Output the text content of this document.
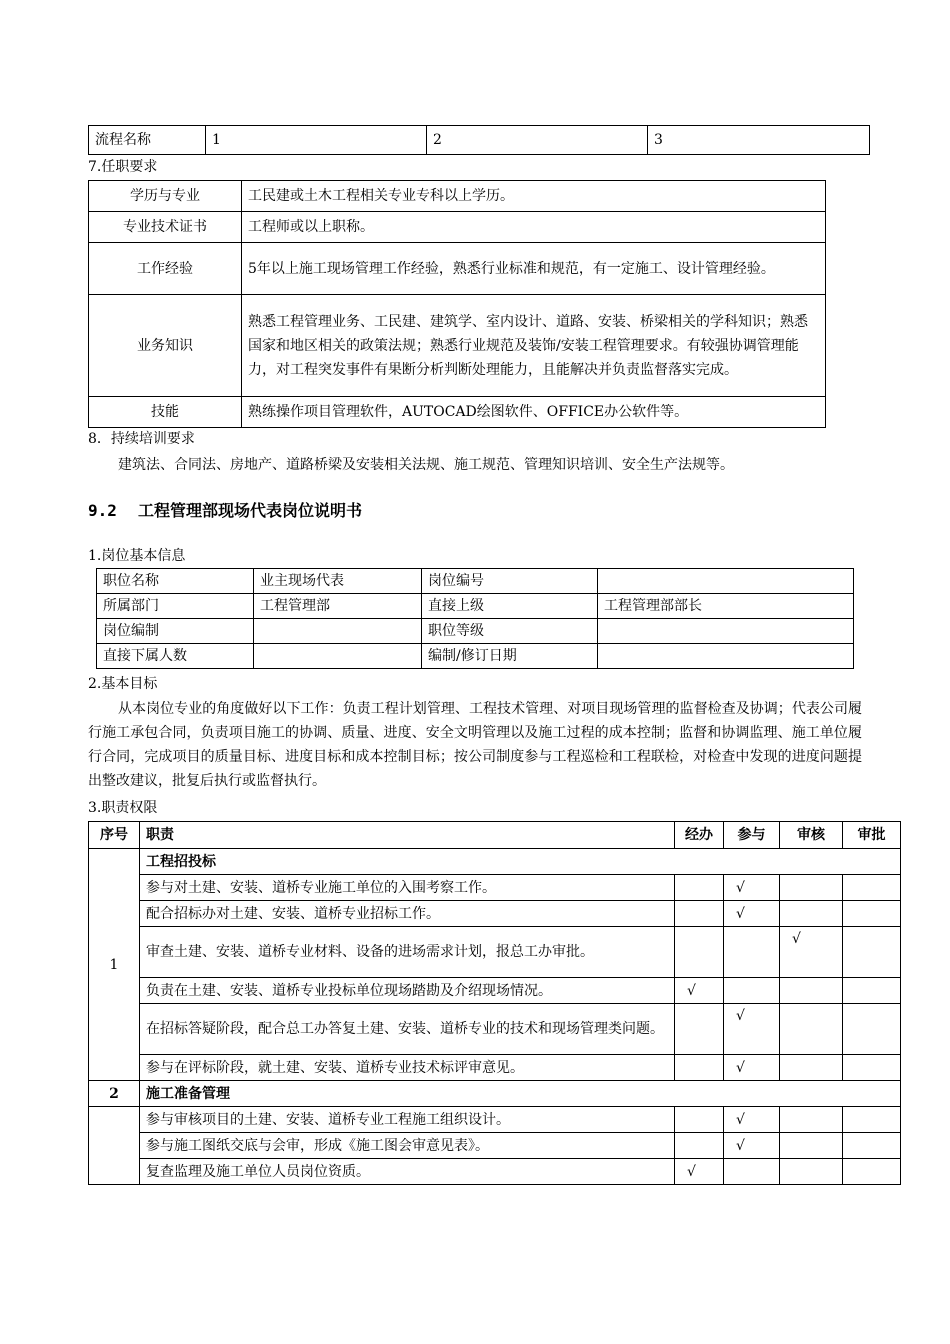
流程名称	1	2	3
7.任职要求
学历与专业	工民建或土木工程相关专业专科以上学历。
专业技术证书	工程师或以上职称。
工作经验	5年以上施工现场管理工作经验，熟悉行业标准和规范，有一定施工、设计管理经验。
业务知识	熟悉工程管理业务、工民建、建筑学、室内设计、道路、安装、桥梁相关的学科知识；熟悉国家和地区相关的政策法规；熟悉行业规范及装饰/安装工程管理要求。有较强协调管理能力，对工程突发事件有果断分析判断处理能力，且能解决并负责监督落实完成。
技能	熟练操作项目管理软件，AUTOCAD绘图软件、OFFICE办公软件等。
8．持续培训要求
建筑法、合同法、房地产、道路桥梁及安装相关法规、施工规范、管理知识培训、安全生产法规等。
9.2 工程管理部现场代表岗位说明书
1.岗位基本信息
职位名称	业主现场代表	岗位编号	
所属部门	工程管理部	直接上级	工程管理部部长
岗位编制		职位等级	
直接下属人数		编制/修订日期	
2.基本目标
从本岗位专业的角度做好以下工作：负责工程计划管理、工程技术管理、对项目现场管理的监督检查及协调；代表公司履行施工承包合同，负责项目施工的协调、质量、进度、安全文明管理以及施工过程的成本控制；监督和协调监理、施工单位履行合同，完成项目的质量目标、进度目标和成本控制目标；按公司制度参与工程巡检和工程联检，对检查中发现的进度问题提出整改建议，批复后执行或监督执行。
3.职责权限
序号	职责	经办	参与	审核	审批
1	工程招投标				
	参与对土建、安装、道桥专业施工单位的入围考察工作。		√		
	配合招标办对土建、安装、道桥专业招标工作。		√		
	审查土建、安装、道桥专业材料、设备的进场需求计划，报总工办审批。			√	
	负责在土建、安装、道桥专业投标单位现场踏勘及介绍现场情况。	√			
	在招标答疑阶段，配合总工办答复土建、安装、道桥专业的技术和现场管理类问题。		√		
	参与在评标阶段，就土建、安装、道桥专业技术标评审意见。		√		
2	施工准备管理				
	参与审核项目的土建、安装、道桥专业工程施工组织设计。		√		
	参与施工图纸交底与会审，形成《施工图会审意见表》。		√		
	复查监理及施工单位人员岗位资质。	√			
